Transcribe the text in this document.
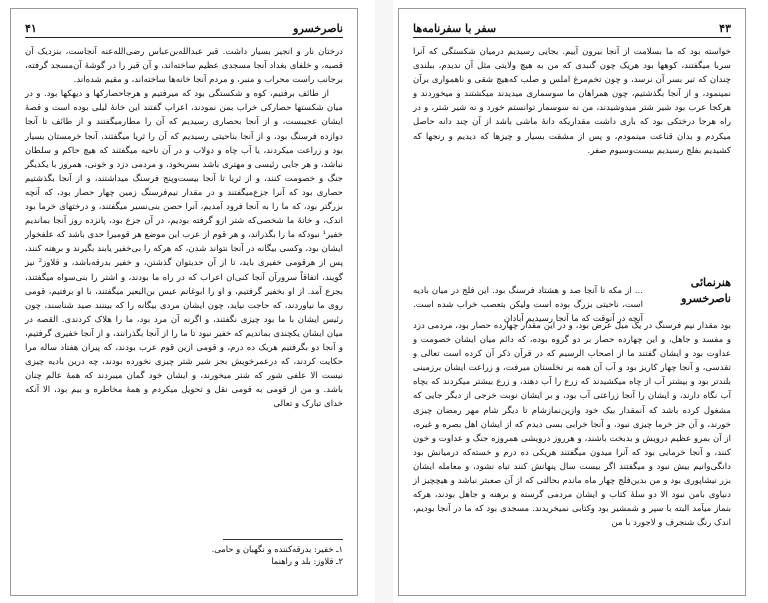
۴۱	ناصرخسرو

درختان نار و انجیر بسیار داشت. قبر عبدالله‌بن‌عباس رضی‌الله‌عنه آنجاست، بنزدیک آن قصبه، و خلفای بغداد آنجا مسجدی عظیم ساخته‌اند، و آن قبر را در گوشهٔ آن‌مسجد گرفته، برجانب راست محراب و منبر، و مردم آنجا خانه‌ها ساخته‌اند، و مقیم شده‌اند.

از طائف برفتیم، کوه و شکستگی بود که میرفتیم و هرجاحصارکها و دیهکها بود. و در میان شکستها حصارکی خراب بمن نمودند، اعراب گفتند این خانهٔ لیلی بوده است و قصهٔ ایشان عجیبست، و از آنجا بحصاری رسیدیم که آن را مطارمیگفتند و از طائف تا آنجا دوازده فرسنگ بود، و از آنجا بناحیتی رسیدیم که آن را ثریا میگفتند، آنجا خرمستان بسیار بود و زراعت میکردند، یا آب چاه و دولاب و در آن ناحیه میگفتند که هیچ حاکم و سلطان نباشد، و هر جایی رئیسی و مهتری باشد بسربخود، و مردمی دزد و خونی، همروز با یکدیگر جنگ و خصومت کنند، و از ثریا تا آنجا بیست‌وپنج فرسنگ میداشتند، و از آنجا بگذشتیم حصاری بود که آنرا جزع‌میگفتند و در مقدار نیم‌فرسنگ زمین چهار حصار بود، که آنچه بزرگتر بود، که ما را به آنجا فرود آمدیم، آنرا حصن بنی‌نسیر میگفتند، و درختهای خرما بود اندک، و خانهٔ ما شخصی‌که شتر ازو گرفته بودیم، در آن جزع بود، پانزده روز آنجا بماندیم خفیر¹ نبودکه ما را بگذراند، و هر قوم از عرب این موضع هر قومیرا حدی باشد که علفخوار ایشان بود، وکسی بیگانه در آنجا نتواند شدن، که هرکه را بی‌خفیر یابند بگیرند و برهنه کنند، پس از هرقومی خفیری باید، تا از آن حدیتوان گذشتن، و خفیر بدرقه‌باشد، و قلاوز² نیز گویند، اتفاقاً سرورآن آنجا کنی‌ان اعراب که در راه ما بودند، و اشتر را بنی‌سواه میگفتند، بجزع آمد. از او بخفیر گرفتیم، و او را ابوغانم عیس بن‌البعیر میگفتند، با او برفتیم، قومی روی ما نیاوردند، که حاجت نیاید، چون ایشان مردی بیگانه را که بیننند صید شناسند، چون رئیس ایشان با ما بود چیزی نگفتند، و اگرنه آن مرد بود، ما را هلاک کردندی. القصه در میان ایشان یکچندی بماندیم که خفیر نبود تا ما را از آنجا بگذرانند، و از آنجا خفیری گرفتیم، و آنجا دو بگرفتیم هریک ده درم، و قومی ازین قوم عرب بودند، که پیران هفتاد ساله مرا حکایت کردند، که درعمرخویش بجز شیر شتر چیزی نخورده بودند، چه درین بادیه چیزی نیست الا علفی شور که شتر میخورند، و ایشان خود گمان میبردند که همهٔ عالم چنان باشد. و من از قومی به قومی نقل و تحویل میکردم و همهٔ مخاطره و بیم بود، الا آنکه خدای تبارک و تعالی

۱ـ خفیر: بدرقه‌کننده و نگهبان و حامی.
۲ـ قلاوز: بلد و راهنما
سفر با سفرنامه‌ها	۴۳

خواسته بود که ما بسلامت از آنجا بیرون آییم. بجایی رسیدیم درمیان شکستگی که آنرا سربا میگفتند، کوهها بود هریک چون گنبدی که من به هیچ ولایتی مثل آن ندیدم، ببلندی چندان که تیر بسر آن نرسد، و چون تخم‌مرغ املس و صلب که‌هیچ شقی و ناهمواری برآن نمینمود، و از آنجا بگذشتیم، چون همراهان ما سوسماری میدیدند میکشتند و میخوردند و هرکجا عرب بود شیر شتر میدوشیدند، من نه سوسمار توانستم خورد و نه شیر شتر، و در راه هرجا درختکی بود که باری داشت مقداریکه دانهٔ ماشی باشد از آن چند دانه حاصل میکردم و بدان قناعت مینمودم، و پس از مشقت بسیار و چیزها که دیدیم و رنجها که کشیدیم بفلج رسیدیم بیست‌وسیوم صفر.

هنرنمائی
ناصرخسرو

... از مکه تا آنجا صد و هشتاد فرسنگ بود. این فلج در میان بادیه است، ناحیتی بزرگ بوده است ولیکن بتعصب خراب شده است. آنچه در آنوقت که ما آنجا رسیدیم آبادان

بود مقدار نیم فرسنگ در یک میل عرض بود، و در این مقدار چهارده حصار بود، مردمی دزد و مفسد و جاهل، و این چهارده حصار بر دو گروه بوده، که دائم میان ایشان خصومت و عداوت بود و ایشان گفتند ما از اصحاب الرسیم که در قرآن ذکر آن کرده است تعالی و تقدسی، و آنجا چهار کاریز بود و آب آن همه بر نخلستان میرفت، و زراعت ایشان برزمینی بلندتر بود و بیشتر آب از چاه میکشیدند که زرع را آب دهند، و زرع بیشتر میکردند که بچاه آب نگاه دارند، و ایشان را آنجا زراعتی آب بود، و بر ایشان نوبت خرجی از دیگر جایی که مشغول کرده باشد که آنمقدار بیک خود وازین‌نمازشام تا دیگر شام مهر رمضان چیزی خورند، و آن جز خرما چیزی نبود، و آنجا خرابی بسی دیدم که از ایشان اهل بصره و غیره، از آن بمرو عظیم درویش و بدبخت باشند، و هرروز درویشی همروزه جنگ و عداوت و خون کنند، و آنجا خرمایی بود که آنرا میدون میگفتند هریکی ده درم و خسته‌که درمیانش بود دانگی‌وانیم بیش نبود و میگفتند اگر بیست سال پنهانش کنند تباه نشود، و معامله ایشان بزر نیشاپوری بود و من بدین‌فلج چهار ماه ماندم بحالتی که از آن صعبتر نباشد و هیچچیز از دنیاوی بامن نبود الا دو سلهٔ کتاب و ایشان مردمی گرسنه و برهنه و جاهل بودند، هرکه بنماز میآمد البته با سپر و شمشیر بود وکتابی نمیخریدند. مسجدی بود که ما در آنجا بودیم، اندک رنگ شنجرف و لاجورد با من
